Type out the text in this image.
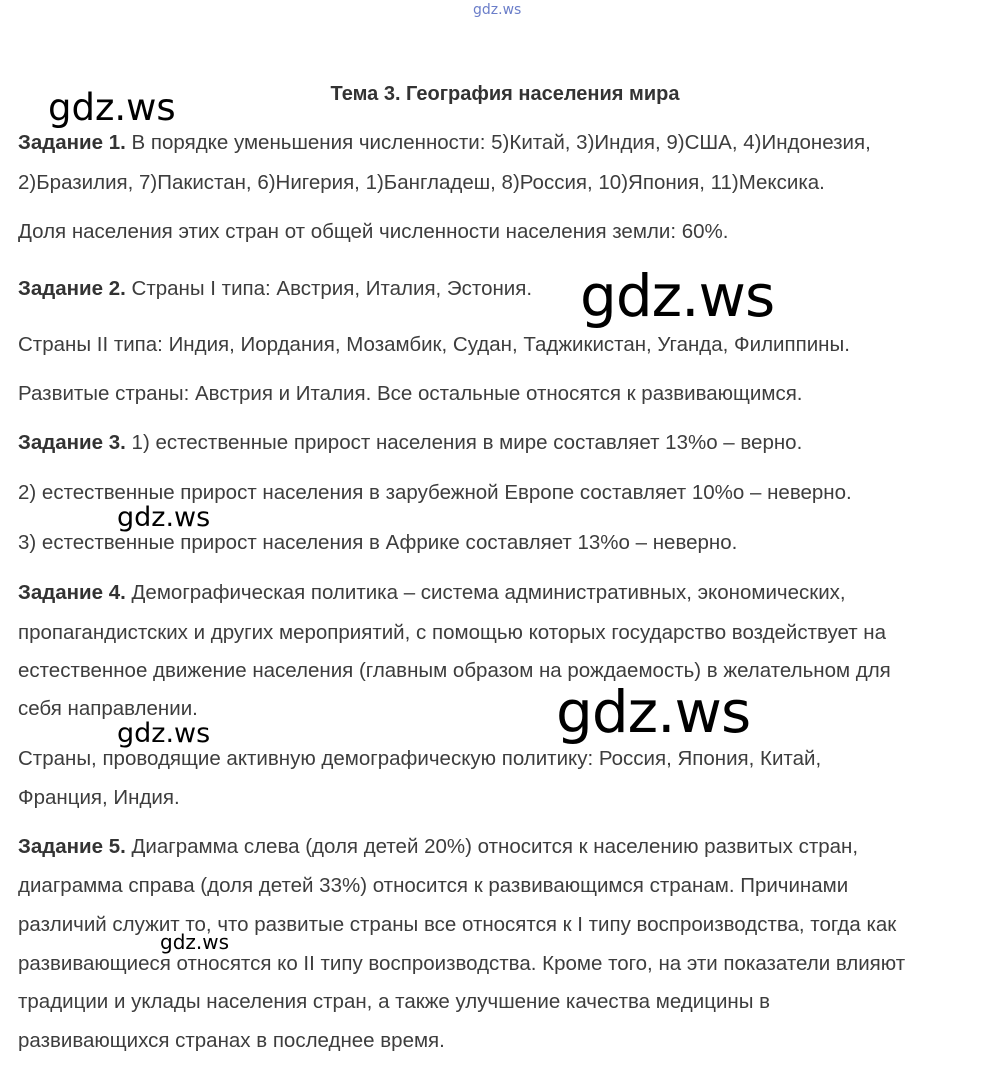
gdz.ws
Тема 3. География населения мира
Задание 1. В порядке уменьшения численности: 5)Китай, 3)Индия, 9)США, 4)Индонезия,
2)Бразилия, 7)Пакистан, 6)Нигерия, 1)Бангладеш, 8)Россия, 10)Япония, 11)Мексика.
Доля населения этих стран от общей численности населения земли: 60%.
Задание 2. Страны I типа: Австрия, Италия, Эстония.
Страны II типа: Индия, Иордания, Мозамбик, Судан, Таджикистан, Уганда, Филиппины.
Развитые страны: Австрия и Италия. Все остальные относятся к развивающимся.
Задание 3. 1) естественные прирост населения в мире составляет 13%о – верно.
2) естественные прирост населения в зарубежной Европе составляет 10%о – неверно.
3) естественные прирост населения в Африке составляет 13%о – неверно.
Задание 4. Демографическая политика – система административных, экономических,
пропагандистских и других мероприятий, с помощью которых государство воздействует на
естественное движение населения (главным образом на рождаемость) в желательном для
себя направлении.
Страны, проводящие активную демографическую политику: Россия, Япония, Китай,
Франция, Индия.
Задание 5. Диаграмма слева (доля детей 20%) относится к населению развитых стран,
диаграмма справа (доля детей 33%) относится к развивающимся странам. Причинами
различий служит то, что развитые страны все относятся к I типу воспроизводства, тогда как
развивающиеся относятся ко II типу воспроизводства. Кроме того, на эти показатели влияют
традиции и уклады населения стран, а также улучшение качества медицины в
развивающихся странах в последнее время.
gdz.ws
gdz.ws
gdz.ws
gdz.ws
gdz.ws
gdz.ws
